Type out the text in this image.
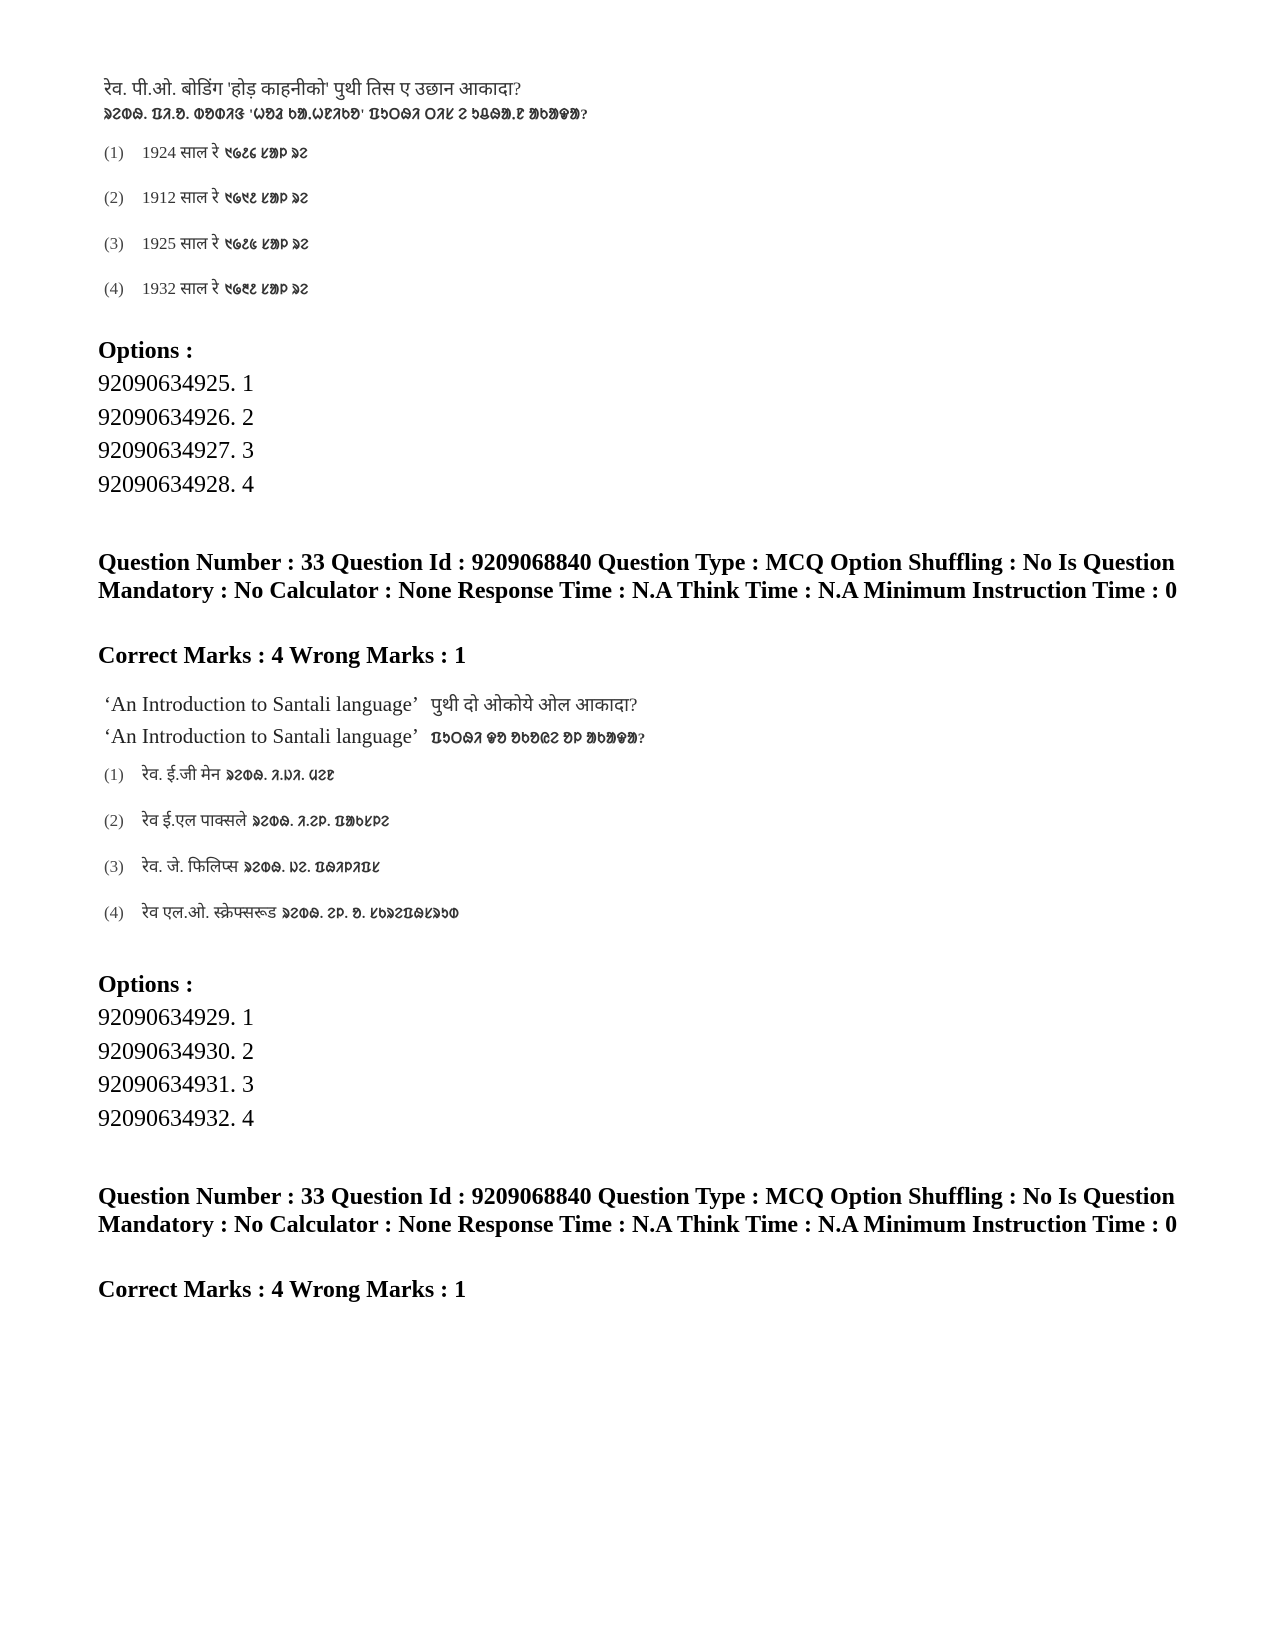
रेव. पी.ओ. बोडिंग 'होड़ काहनीको' पुथी तिस ए उछान आकादा?
ᱨᱮᱵᱷ. ᱯᱤ.ᱚ. ᱵᱚᱰᱤᱝ 'ᱦᱚᱲ ᱠᱟᱹᱦᱱᱤᱠᱚ' ᱯᱩᱛᱷᱤ ᱛᱤᱥ ᱮ ᱩᱪᱷᱟᱹᱱ ᱟᱠᱟᱫᱟ?
(1) 1924 साल रे ᱑᱙᱒᱔ ᱥᱟᱞ ᱨᱮ
(2) 1912 साल रे ᱑᱙᱑᱒ ᱥᱟᱞ ᱨᱮ
(3) 1925 साल रे ᱑᱙᱒᱕ ᱥᱟᱞ ᱨᱮ
(4) 1932 साल रे ᱑᱙᱓᱒ ᱥᱟᱞ ᱨᱮ
Options :
92090634925. 1
92090634926. 2
92090634927. 3
92090634928. 4
Question Number : 33 Question Id : 9209068840 Question Type : MCQ Option Shuffling : No Is Question Mandatory : No Calculator : None Response Time : N.A Think Time : N.A Minimum Instruction Time : 0
Correct Marks : 4 Wrong Marks : 1
‘An Introduction to Santali language’ पुथी दो ओकोये ओल आकादा?
‘An Introduction to Santali language’ ᱯᱩᱛᱷᱤ ᱫᱚ ᱚᱠᱚᱭᱮ ᱚᱞ ᱟᱠᱟᱫᱟ?
(1) रेव. ई.जी मेन ᱨᱮᱵᱷ. ᱤ.ᱡᱤ. ᱢᱮᱱ
(2) रेव ई.एल पाक्सले ᱨᱮᱵᱷ. ᱤ.ᱮᱞ. ᱯᱟᱠᱥᱞᱮ
(3) रेव. जे. फिलिप्स ᱨᱮᱵᱷ. ᱡᱮ. ᱯᱷᱤᱞᱤᱯᱥ
(4) रेव एल.ओ. स्क्रेफ्सरूड ᱨᱮᱵᱷ. ᱮᱞ. ᱚ. ᱥᱠᱨᱮᱯᱷᱥᱨᱩᱰ
Options :
92090634929. 1
92090634930. 2
92090634931. 3
92090634932. 4
Question Number : 33 Question Id : 9209068840 Question Type : MCQ Option Shuffling : No Is Question Mandatory : No Calculator : None Response Time : N.A Think Time : N.A Minimum Instruction Time : 0
Correct Marks : 4 Wrong Marks : 1
